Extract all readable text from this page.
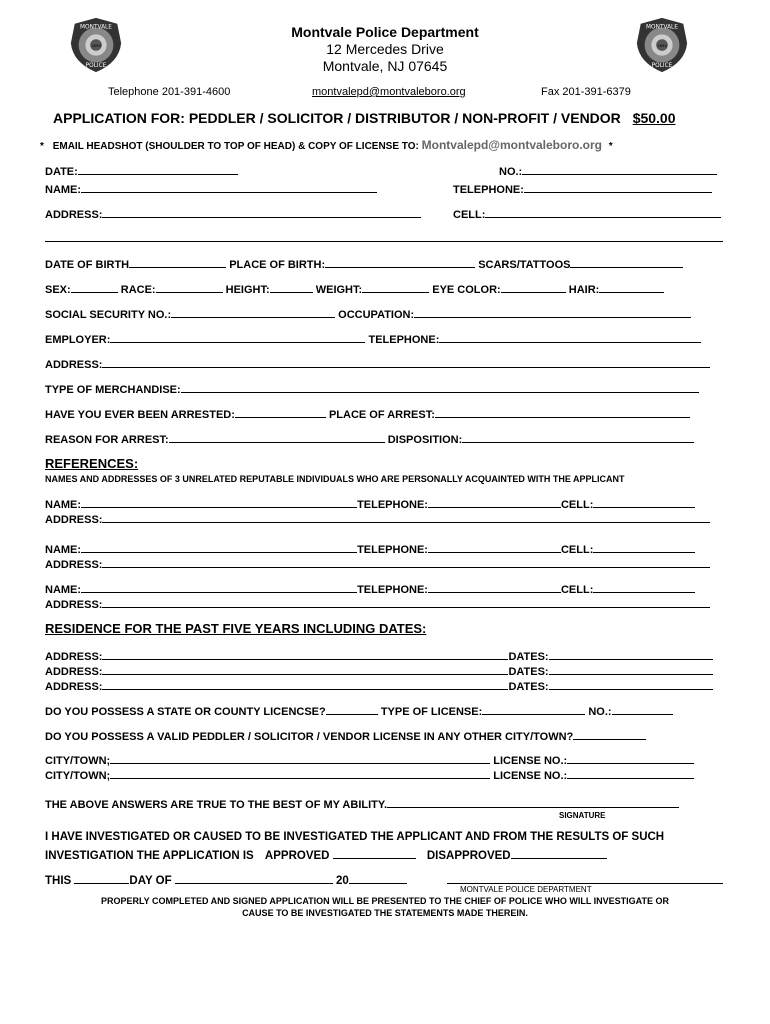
MONTVALE
POLICE
1894
MONTVALE
POLICE
1894
Montvale Police Department
12 Mercedes Drive
Montvale, NJ 07645
Telephone 201-391-4600	montvalepd@montvaleboro.org	Fax 201-391-6379
APPLICATION FOR: PEDDLER / SOLICITOR / DISTRIBUTOR / NON-PROFIT / VENDOR $50.00
* EMAIL HEADSHOT (SHOULDER TO TOP OF HEAD) & COPY OF LICENSE TO: Montvalepd@montvaleboro.org *
DATE:	NO.:
NAME:	TELEPHONE:
ADDRESS:	CELL:
DATE OF BIRTH	PLACE OF BIRTH:	SCARS/TATTOOS
SEX:	RACE:	HEIGHT:	WEIGHT:	EYE COLOR:	HAIR:
SOCIAL SECURITY NO.:	OCCUPATION:
EMPLOYER:	TELEPHONE:
ADDRESS:
TYPE OF MERCHANDISE:
HAVE YOU EVER BEEN ARRESTED:	PLACE OF ARREST:
REASON FOR ARREST:	DISPOSITION:
REFERENCES:
NAMES AND ADDRESSES OF 3 UNRELATED REPUTABLE INDIVIDUALS WHO ARE PERSONALLY ACQUAINTED WITH THE APPLICANT
NAME:	TELEPHONE:	CELL:
ADDRESS:
NAME:	TELEPHONE:	CELL:
ADDRESS:
NAME:	TELEPHONE:	CELL:
ADDRESS:
RESIDENCE FOR THE PAST FIVE YEARS INCLUDING DATES:
ADDRESS:	DATES:
ADDRESS:	DATES:
ADDRESS:	DATES:
DO YOU POSSESS A STATE OR COUNTY LICENCSE?	TYPE OF LICENSE:	NO.:
DO YOU POSSESS A VALID PEDDLER / SOLICITOR / VENDOR LICENSE IN ANY OTHER CITY/TOWN?
CITY/TOWN;	LICENSE NO.:
CITY/TOWN;	LICENSE NO.:
THE ABOVE ANSWERS ARE TRUE TO THE BEST OF MY ABILITY.
SIGNATURE
I HAVE INVESTIGATED OR CAUSED TO BE INVESTIGATED THE APPLICANT AND FROM THE RESULTS OF SUCH
INVESTIGATION THE APPLICATION IS APPROVED	DISAPPROVED
THIS	DAY OF	20
MONTVALE POLICE DEPARTMENT
PROPERLY COMPLETED AND SIGNED APPLICATION WILL BE PRESENTED TO THE CHIEF OF POLICE WHO WILL INVESTIGATE OR
CAUSE TO BE INVESTIGATED THE STATEMENTS MADE THEREIN.
